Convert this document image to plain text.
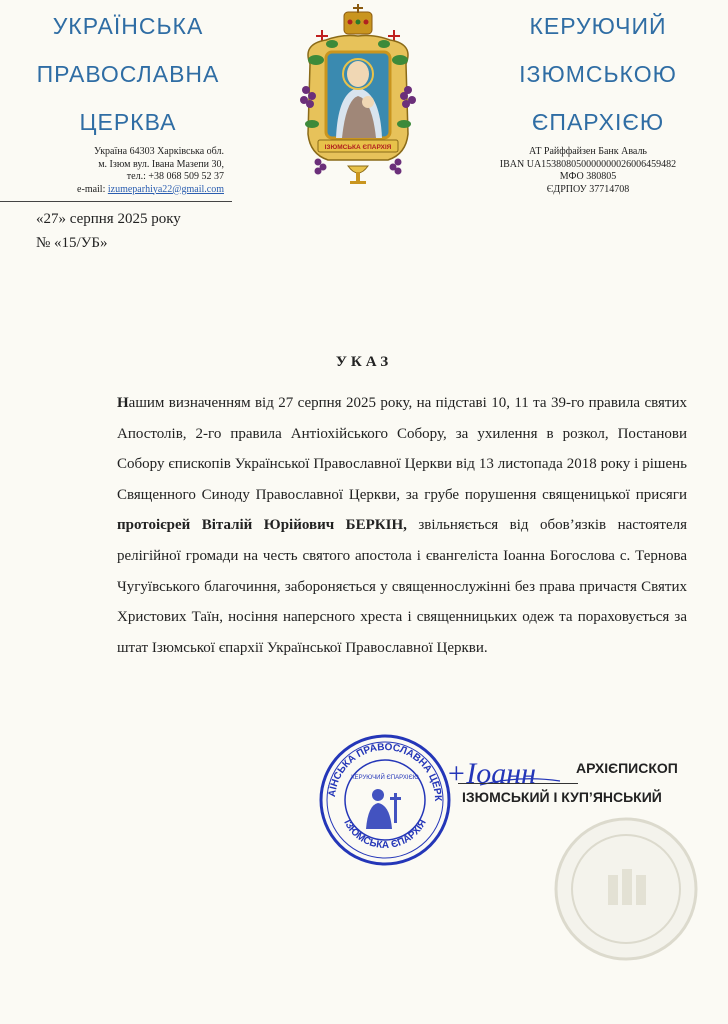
УКРАЇНСЬКА
ПРАВОСЛАВНА
ЦЕРКВА
ІЗЮМСЬКА ЄПАРХІЯ
КЕРУЮЧИЙ
ІЗЮМСЬКОЮ
ЄПАРХІЄЮ
Україна 64303 Харківська обл.
м. Ізюм вул. Івана Мазепи 30,
тел.: +38 068 509 52 37
e-mail: izumeparhiya22@gmail.com
АТ Райффайзен Банк Аваль
IBAN UA153808050000000026006459482
МФО 380805
ЄДРПОУ 37714708
«27» серпня 2025 року
№ «15/УБ»
УКАЗ

Нашим визначенням від 27 серпня 2025 року, на підставі 10, 11 та 39-го правила святих Апостолів, 2-го правила Антіохійського Собору, за ухилення в розкол, Постанови Собору єпископів Української Православної Церкви від 13 листопада 2018 року і рішень Священного Синоду Православної Церкви, за грубе порушення священицької присяги протоієрей Віталій Юрійович БЕРКІН, звільняється від обов’язків настоятеля релігійної громади на честь святого апостола і євангеліста Іоанна Богослова с. Тернова Чугуївського благочиння, забороняється у священнослужінні без права причастя Святих Христових Таїн, носіння наперсного хреста і священницьких одеж та пораховується за штат Ізюмської єпархії Української Православної Церкви.

АЇНСЬКА ПРАВОСЛАВНА ЦЕРК
ІЗЮМСЬКА ЄПАРХІЯ
КЕРУЮЧИЙ ЄПАРХІЄЮ +Іоанн	АРХІЄПИСКОП
ІЗЮМСЬКИЙ І КУП’ЯНСЬКИЙ
